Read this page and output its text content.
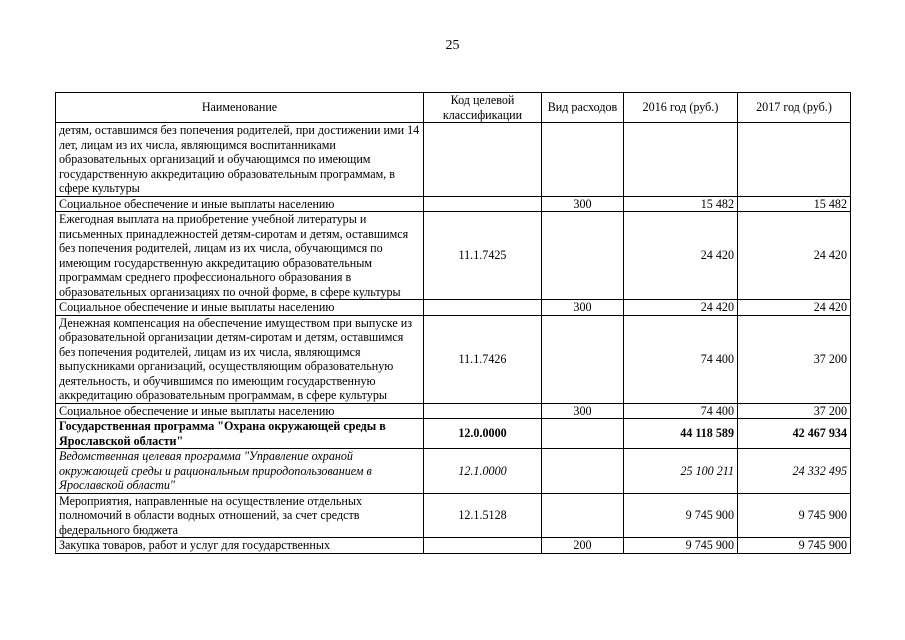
25
Наименование	Код целевой классификации	Вид расходов	2016 год (руб.)	2017 год (руб.)
детям, оставшимся без попечения родителей, при достижении ими 14 лет, лицам из их числа, являющимся воспитанниками образовательных организаций и обучающимся по имеющим государственную аккредитацию образовательным программам, в сфере культуры				
Социальное обеспечение и иные выплаты населению		300	15 482	15 482
Ежегодная выплата на приобретение учебной литературы и письменных принадлежностей детям-сиротам и детям, оставшимся без попечения родителей, лицам из их числа, обучающимся по имеющим государственную аккредитацию образовательным программам среднего профессионального образования в образовательных организациях по очной форме, в сфере культуры	11.1.7425		24 420	24 420
Социальное обеспечение и иные выплаты населению		300	24 420	24 420
Денежная компенсация на обеспечение имуществом при выпуске из образовательной организации детям-сиротам и детям, оставшимся без попечения родителей, лицам из их числа, являющимся выпускниками организаций, осуществляющим образовательную деятельность, и обучившимся по имеющим государственную аккредитацию образовательным программам, в сфере культуры	11.1.7426		74 400	37 200
Социальное обеспечение и иные выплаты населению		300	74 400	37 200
Государственная программа "Охрана окружающей среды в Ярославской области"	12.0.0000		44 118 589	42 467 934
Ведомственная целевая программа "Управление охраной окружающей среды и рациональным природопользованием в Ярославской области"	12.1.0000		25 100 211	24 332 495
Мероприятия, направленные на осуществление отдельных полномочий в области водных отношений, за счет средств федерального бюджета	12.1.5128		9 745 900	9 745 900
Закупка товаров, работ и услуг для государственных		200	9 745 900	9 745 900
